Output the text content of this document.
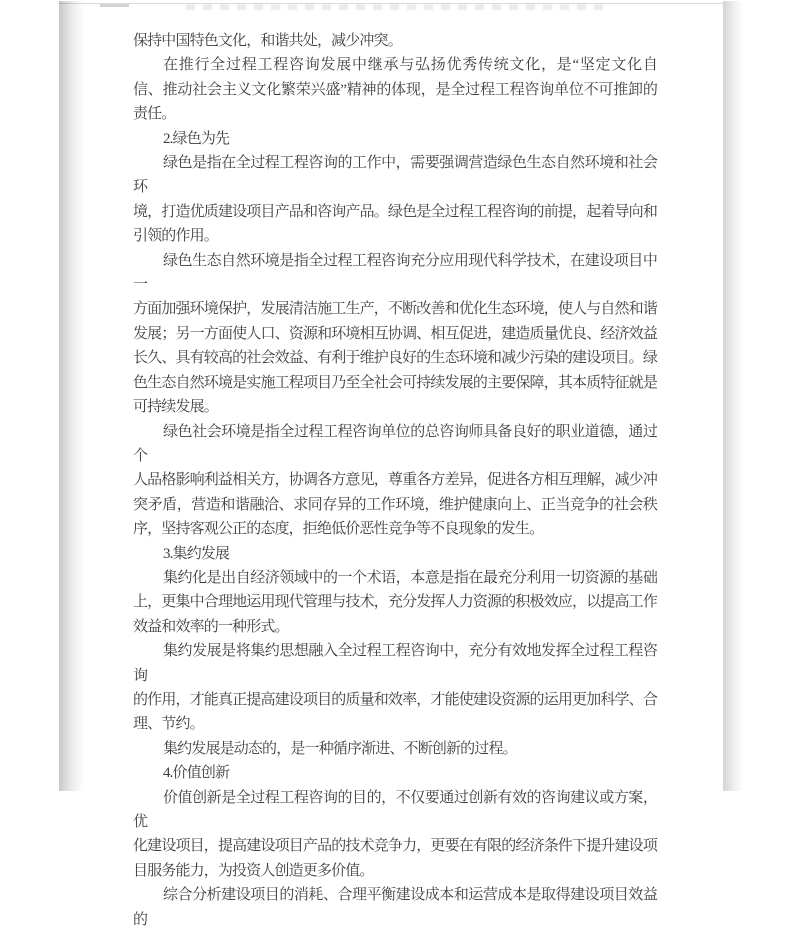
保持中国特色文化，和谐共处，减少冲突。
在推行全过程工程咨询发展中继承与弘扬优秀传统文化，是“坚定文化自
信、推动社会主义文化繁荣兴盛”精神的体现，是全过程工程咨询单位不可推卸的
责任。
2.绿色为先
绿色是指在全过程工程咨询的工作中，需要强调营造绿色生态自然环境和社会环
境，打造优质建设项目产品和咨询产品。绿色是全过程工程咨询的前提，起着导向和
引领的作用。
绿色生态自然环境是指全过程工程咨询充分应用现代科学技术，在建设项目中一
方面加强环境保护，发展清洁施工生产，不断改善和优化生态环境，使人与自然和谐
发展；另一方面使人口、资源和环境相互协调、相互促进，建造质量优良、经济效益
长久、具有较高的社会效益、有利于维护良好的生态环境和减少污染的建设项目。绿
色生态自然环境是实施工程项目乃至全社会可持续发展的主要保障，其本质特征就是
可持续发展。
绿色社会环境是指全过程工程咨询单位的总咨询师具备良好的职业道德，通过个
人品格影响利益相关方，协调各方意见，尊重各方差异，促进各方相互理解，减少冲
突矛盾，营造和谐融洽、求同存异的工作环境，维护健康向上、正当竞争的社会秩
序，坚持客观公正的态度，拒绝低价恶性竞争等不良现象的发生。
3.集约发展
集约化是出自经济领域中的一个术语，本意是指在最充分利用一切资源的基础
上，更集中合理地运用现代管理与技术，充分发挥人力资源的积极效应，以提高工作
效益和效率的一种形式。
集约发展是将集约思想融入全过程工程咨询中，充分有效地发挥全过程工程咨询
的作用，才能真正提高建设项目的质量和效率，才能使建设资源的运用更加科学、合
理、节约。
集约发展是动态的，是一种循序渐进、不断创新的过程。
4.价值创新
价值创新是全过程工程咨询的目的，不仅要通过创新有效的咨询建议或方案，优
化建设项目，提高建设项目产品的技术竞争力，更要在有限的经济条件下提升建设项
目服务能力，为投资人创造更多价值。
综合分析建设项目的消耗、合理平衡建设成本和运营成本是取得建设项目效益的
